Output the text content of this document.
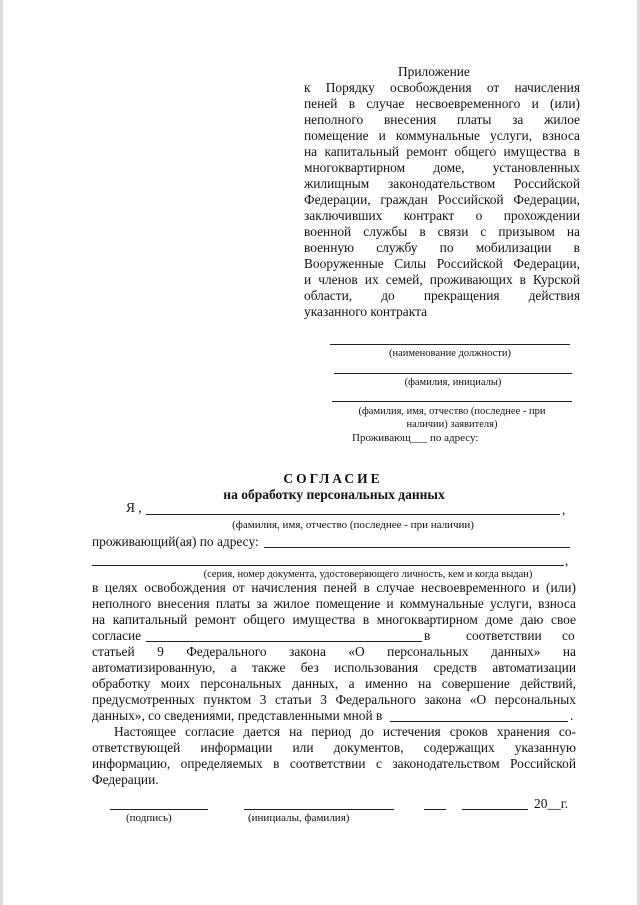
Приложение
к Порядку освобождения от начисления
пеней в случае несвоевременного и (или)
неполного внесения платы за жилое
помещение и коммунальные услуги, взноса
на капитальный ремонт общего имущества в
многоквартирном доме, установленных
жилищным законодательством Российской
Федерации, граждан Российской Федерации,
заключивших контракт о прохождении
военной службы в связи с призывом на
военную службу по мобилизации в
Вооруженные Силы Российской Федерации,
и членов их семей, проживающих в Курской
области, до прекращения действия
указанного контракта
(наименование должности)
(фамилия, инициалы)
(фамилия, имя, отчество (последнее - при
наличии) заявителя)
Проживающ___ по адресу:
СОГЛАСИЕ
на обработку персональных данных
Я ,	,
(фамилия, имя, отчество (последнее - при наличии)
проживающий(ая) по адресу:
,
(серия, номер документа, удостоверяющего личность, кем и когда выдан)
в целях освобождения от начисления пеней в случае несвоевременного и (или)
неполного внесения платы за жилое помещение и коммунальные услуги, взноса
на капитальный ремонт общего имущества в многоквартирном доме даю свое
согласие	в	соответствии со
статьей 9 Федерального закона «О персональных данных» на
автоматизированную, а также без использования средств автоматизации
обработку моих персональных данных, а именно на совершение действий,
предусмотренных пунктом 3 статьи 3 Федерального закона «О персональных
данных», со сведениями, представленными мной в	.
Настоящее согласие дается на период до истечения сроков хранения со-
ответствующей информации или документов, содержащих указанную
информацию, определяемых в соответствии с законодательством Российской
Федерации.
(подпись)	(инициалы, фамилия)
20__г.
